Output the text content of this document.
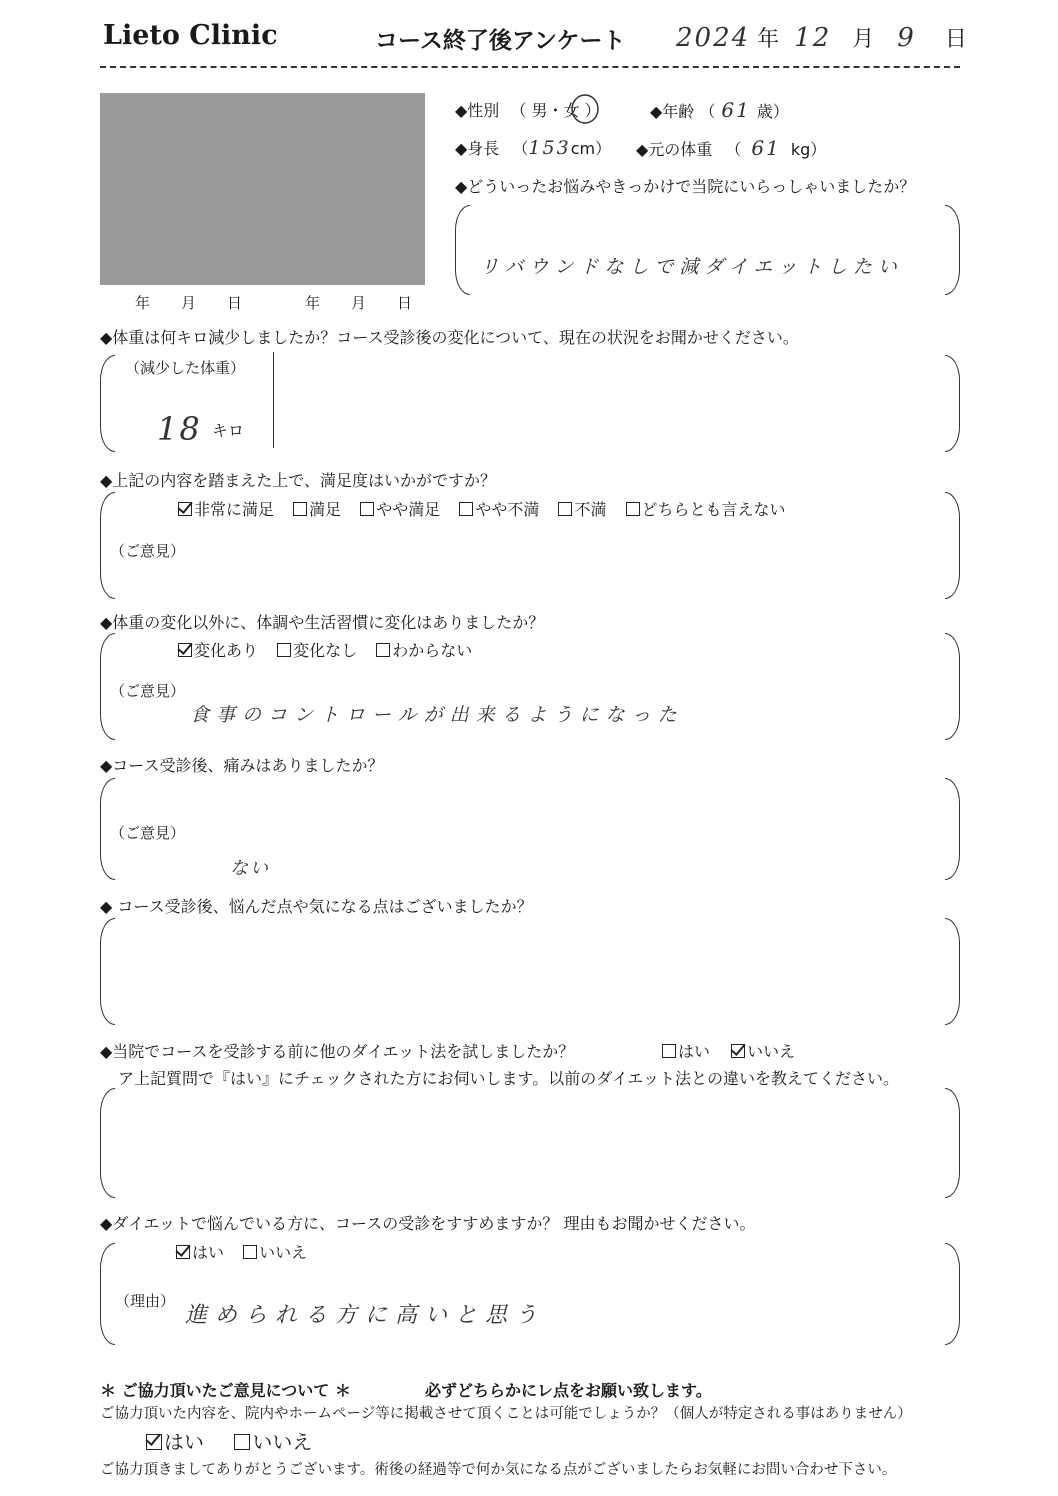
Lieto Clinic	コース終了後アンケート 2024 年 12 月 9 日
年　月　日	年　月　日
◆性別 （ 男・女 ）	◆年齢 （ 61 歳）
◆身長 （153cm） ◆元の体重 （ 61 kg）
◆どういったお悩みやきっかけで当院にいらっしゃいましたか？
リバウンドなしで減ダイエットしたい
◆体重は何キロ減少しましたか？コース受診後の変化について、現在の状況をお聞かせください。
（減少した体重）
18 キロ
◆上記の内容を踏まえた上で、満足度はいかがですか？
非常に満足 満足 やや満足 やや不満 不満 どちらとも言えない
（ご意見）
◆体重の変化以外に、体調や生活習慣に変化はありましたか？
変化あり 変化なし わからない
（ご意見）
食事のコントロールが出来るようになった
◆コース受診後、痛みはありましたか？
（ご意見）
ない
◆ コース受診後、悩んだ点や気になる点はございましたか？
◆当院でコースを受診する前に他のダイエット法を試しましたか？	はい いいえ
ア上記質問で『はい』にチェックされた方にお伺いします。以前のダイエット法との違いを教えてください。
◆ダイエットで悩んでいる方に、コースの受診をすすめますか？ 理由もお聞かせください。
はい いいえ
（理由）
進められる方に高いと思う
＊ ご協力頂いたご意見について ＊	必ずどちらかにレ点をお願い致します。
ご協力頂いた内容を、院内やホームページ等に掲載させて頂くことは可能でしょうか？（個人が特定される事はありません）
はい いいえ
ご協力頂きましてありがとうございます。術後の経過等で何か気になる点がございましたらお気軽にお問い合わせ下さい。
